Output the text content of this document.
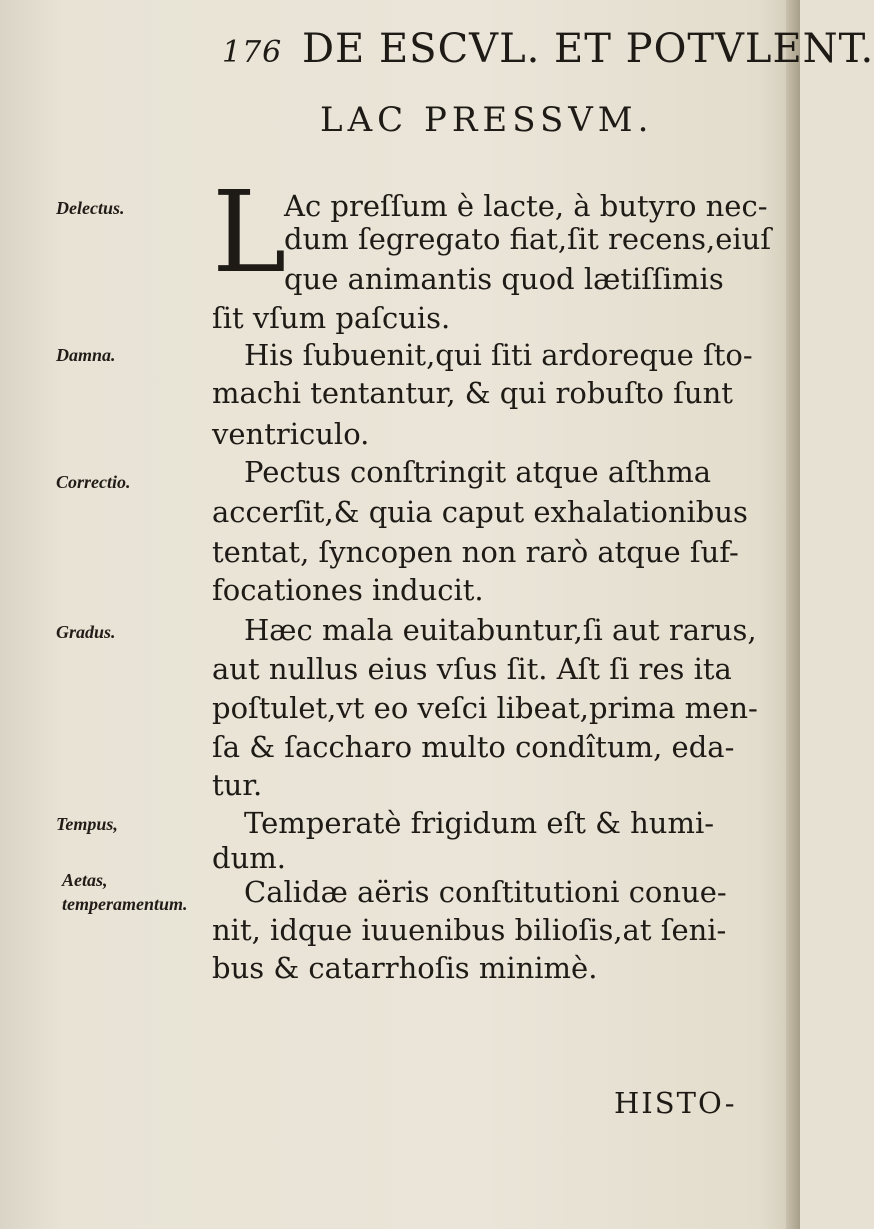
176 DE ESCVL. ET POTVLENT.
LAC PRESSVM.
Delectus.
Damna.
Correctio.
Gradus.
Tempus,
Aetas, temperamentum.
L
Ac preſſum è lacte, à butyro nec-
dum ſegregato fiat,ſit recens,eiuſ
que animantis quod lætiſſimis
ſit vſum paſcuis.
His ſubuenit,qui ſiti ardoreque ſto-
machi tentantur, & qui robuſto ſunt
ventriculo.
Pectus conſtringit atque aſthma
accerſit,& quia caput exhalationibus
tentat, ſyncopen non rarò atque ſuf-
focationes inducit.
Hæc mala euitabuntur,ſi aut rarus,
aut nullus eius vſus ſit. Aſt ſi res ita
poſtulet,vt eo veſci libeat,prima men-
ſa & ſaccharo multo condîtum, eda-
tur.
Temperatè frigidum eſt & humi-
dum.
Calidæ aëris conſtitutioni conue-
nit, idque iuuenibus bilioſis,at ſeni-
bus & catarrhoſis minimè.
HISTO-
